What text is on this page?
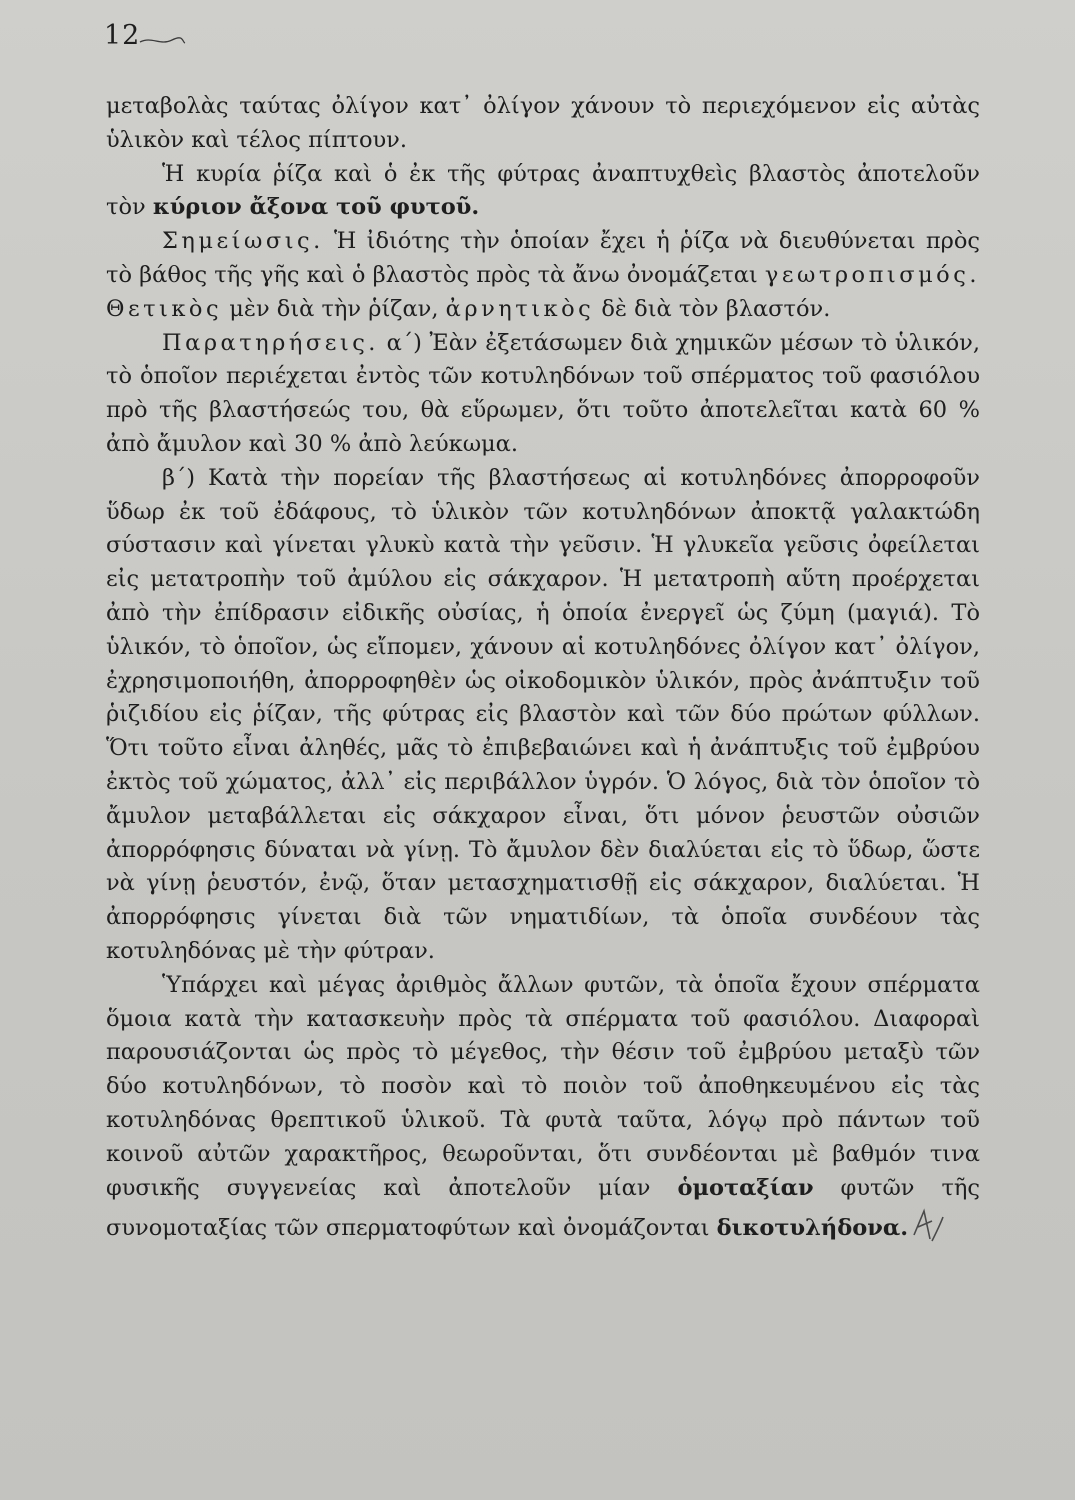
12

μεταβολὰς ταύτας ὀλίγον κατ᾽ ὀλίγον χάνουν τὸ περιεχόμενον εἰς αὐτὰς ὑλικὸν καὶ τέλος πίπτουν.

Ἡ κυρία ῥίζα καὶ ὁ ἐκ τῆς φύτρας ἀναπτυχθεὶς βλαστὸς ἀποτελοῦν τὸν κύριον ἄξονα τοῦ φυτοῦ.

Σημείωσις. Ἡ ἰδιότης τὴν ὁποίαν ἔχει ἡ ῥίζα νὰ διευθύνεται πρὸς τὸ βάθος τῆς γῆς καὶ ὁ βλαστὸς πρὸς τὰ ἄνω ὀνομάζεται γεωτροπισμός. Θετικὸς μὲν διὰ τὴν ῥίζαν, ἀρνητικὸς δὲ διὰ τὸν βλαστόν.

Παρατηρήσεις. α΄) Ἐὰν ἐξετάσωμεν διὰ χημικῶν μέσων τὸ ὑλικόν, τὸ ὁποῖον περιέχεται ἐντὸς τῶν κοτυληδόνων τοῦ σπέρματος τοῦ φασιόλου πρὸ τῆς βλαστήσεώς του, θὰ εὕρωμεν, ὅτι τοῦτο ἀποτελεῖται κατὰ 60 % ἀπὸ ἄμυλον καὶ 30 % ἀπὸ λεύκωμα.

β΄) Κατὰ τὴν πορείαν τῆς βλαστήσεως αἱ κοτυληδόνες ἀπορροφοῦν ὕδωρ ἐκ τοῦ ἐδάφους, τὸ ὑλικὸν τῶν κοτυληδόνων ἀποκτᾷ γαλακτώδη σύστασιν καὶ γίνεται γλυκὺ κατὰ τὴν γεῦσιν. Ἡ γλυκεῖα γεῦσις ὀφείλεται εἰς μετατροπὴν τοῦ ἀμύλου εἰς σάκχαρον. Ἡ μετατροπὴ αὕτη προέρχεται ἀπὸ τὴν ἐπίδρασιν εἰδικῆς οὐσίας, ἡ ὁποία ἐνεργεῖ ὡς ζύμη (μαγιά). Τὸ ὑλικόν, τὸ ὁποῖον, ὡς εἴπομεν, χάνουν αἱ κοτυληδόνες ὀλίγον κατ᾽ ὀλίγον, ἐχρησιμοποιήθη, ἀπορροφηθὲν ὡς οἰκοδομικὸν ὑλικόν, πρὸς ἀνάπτυξιν τοῦ ῥιζιδίου εἰς ῥίζαν, τῆς φύτρας εἰς βλαστὸν καὶ τῶν δύο πρώτων φύλλων. Ὅτι τοῦτο εἶναι ἀληθές, μᾶς τὸ ἐπιβεβαιώνει καὶ ἡ ἀνάπτυξις τοῦ ἐμβρύου ἐκτὸς τοῦ χώματος, ἀλλ᾽ εἰς περιβάλλον ὑγρόν. Ὁ λόγος, διὰ τὸν ὁποῖον τὸ ἄμυλον μεταβάλλεται εἰς σάκχαρον εἶναι, ὅτι μόνον ῥευστῶν οὐσιῶν ἀπορρόφησις δύναται νὰ γίνῃ. Τὸ ἄμυλον δὲν διαλύεται εἰς τὸ ὕδωρ, ὥστε νὰ γίνῃ ῥευστόν, ἐνῷ, ὅταν μετασχηματισθῇ εἰς σάκχαρον, διαλύεται. Ἡ ἀπορρόφησις γίνεται διὰ τῶν νηματιδίων, τὰ ὁποῖα συνδέουν τὰς κοτυληδόνας μὲ τὴν φύτραν.

Ὑπάρχει καὶ μέγας ἀριθμὸς ἄλλων φυτῶν, τὰ ὁποῖα ἔχουν σπέρματα ὅμοια κατὰ τὴν κατασκευὴν πρὸς τὰ σπέρματα τοῦ φασιόλου. Διαφοραὶ παρουσιάζονται ὡς πρὸς τὸ μέγεθος, τὴν θέσιν τοῦ ἐμβρύου μεταξὺ τῶν δύο κοτυληδόνων, τὸ ποσὸν καὶ τὸ ποιὸν τοῦ ἀποθηκευμένου εἰς τὰς κοτυληδόνας θρεπτικοῦ ὑλικοῦ. Τὰ φυτὰ ταῦτα, λόγῳ πρὸ πάντων τοῦ κοινοῦ αὐτῶν χαρακτῆρος, θεωροῦνται, ὅτι συνδέονται μὲ βαθμόν τινα φυσικῆς συγγενείας καὶ ἀποτελοῦν μίαν ὁμοταξίαν φυτῶν τῆς συνομοταξίας τῶν σπερματοφύτων καὶ ὀνομάζονται δικοτυλήδονα.
